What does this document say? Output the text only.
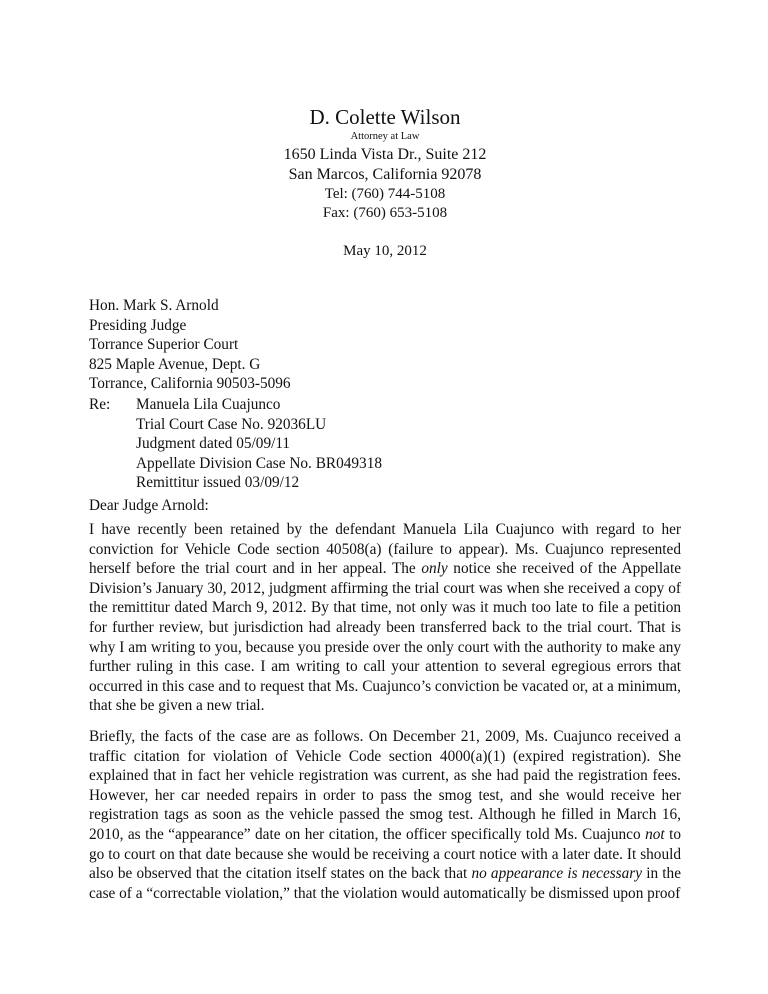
D. Colette Wilson
Attorney at Law
1650 Linda Vista Dr., Suite 212
San Marcos, California 92078
Tel: (760) 744-5108
Fax: (760) 653-5108
May 10, 2012
Hon. Mark S. Arnold
Presiding Judge
Torrance Superior Court
825 Maple Avenue, Dept. G
Torrance, California 90503-5096
Re: Manuela Lila Cuajunco
Trial Court Case No. 92036LU
Judgment dated 05/09/11
Appellate Division Case No. BR049318
Remittitur issued 03/09/12
Dear Judge Arnold:
I have recently been retained by the defendant Manuela Lila Cuajunco with regard to her
conviction for Vehicle Code section 40508(a) (failure to appear). Ms. Cuajunco represented
herself before the trial court and in her appeal. The only notice she received of the Appellate
Division’s January 30, 2012, judgment affirming the trial court was when she received a copy of
the remittitur dated March 9, 2012. By that time, not only was it much too late to file a petition
for further review, but jurisdiction had already been transferred back to the trial court. That is
why I am writing to you, because you preside over the only court with the authority to make any
further ruling in this case. I am writing to call your attention to several egregious errors that
occurred in this case and to request that Ms. Cuajunco’s conviction be vacated or, at a minimum,
that she be given a new trial.
Briefly, the facts of the case are as follows. On December 21, 2009, Ms. Cuajunco received a
traffic citation for violation of Vehicle Code section 4000(a)(1) (expired registration). She
explained that in fact her vehicle registration was current, as she had paid the registration fees.
However, her car needed repairs in order to pass the smog test, and she would receive her
registration tags as soon as the vehicle passed the smog test. Although he filled in March 16,
2010, as the “appearance” date on her citation, the officer specifically told Ms. Cuajunco not to
go to court on that date because she would be receiving a court notice with a later date. It should
also be observed that the citation itself states on the back that no appearance is necessary in the
case of a “correctable violation,” that the violation would automatically be dismissed upon proof
